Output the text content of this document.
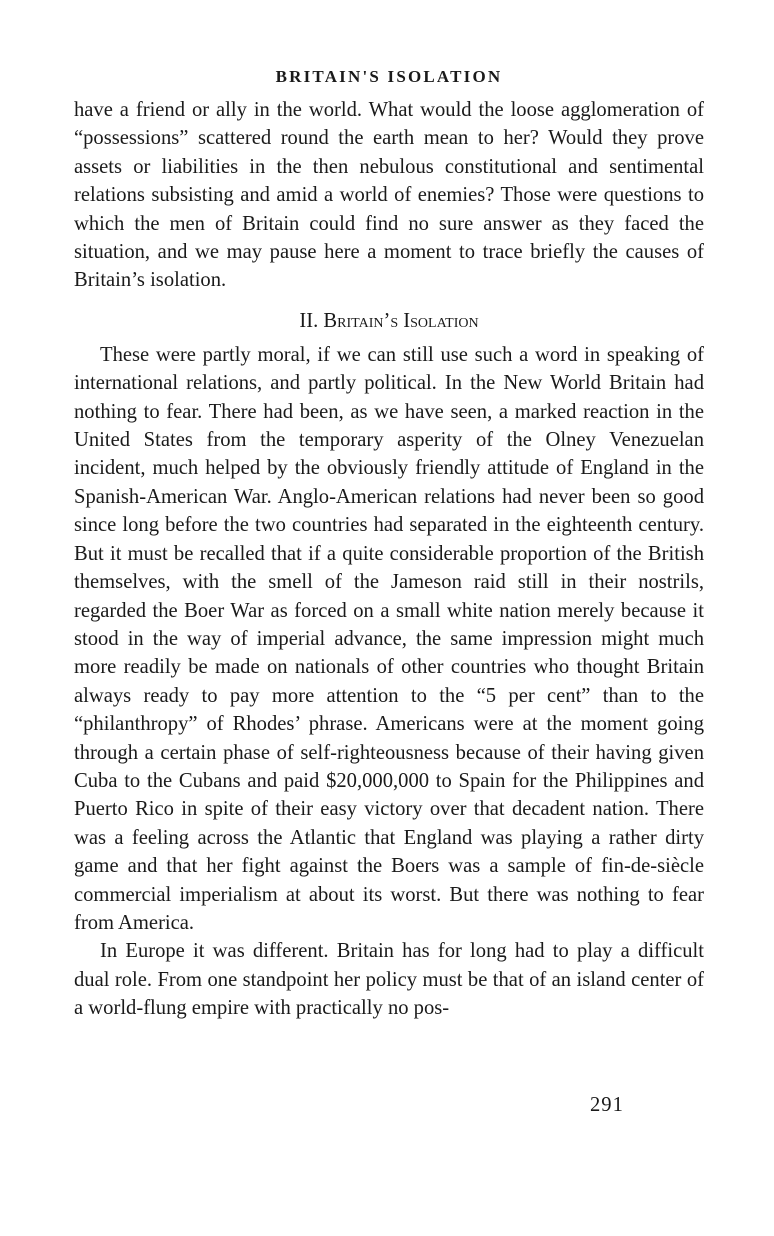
BRITAIN'S ISOLATION

have a friend or ally in the world. What would the loose agglomeration of “possessions” scattered round the earth mean to her? Would they prove assets or liabilities in the then nebulous constitutional and sentimental relations subsisting and amid a world of enemies? Those were questions to which the men of Britain could find no sure answer as they faced the situation, and we may pause here a moment to trace briefly the causes of Britain’s isolation.

II. Britain’s Isolation

These were partly moral, if we can still use such a word in speaking of international relations, and partly political. In the New World Britain had nothing to fear. There had been, as we have seen, a marked reaction in the United States from the temporary asperity of the Olney Venezuelan incident, much helped by the obviously friendly attitude of England in the Spanish-American War. Anglo-American relations had never been so good since long before the two countries had separated in the eighteenth century. But it must be recalled that if a quite considerable proportion of the British themselves, with the smell of the Jameson raid still in their nostrils, regarded the Boer War as forced on a small white nation merely because it stood in the way of imperial advance, the same impression might much more readily be made on nationals of other countries who thought Britain always ready to pay more attention to the “5 per cent” than to the “philanthropy” of Rhodes’ phrase. Americans were at the moment going through a certain phase of self-righteousness because of their having given Cuba to the Cubans and paid $20,000,000 to Spain for the Philippines and Puerto Rico in spite of their easy victory over that decadent nation. There was a feeling across the Atlantic that England was playing a rather dirty game and that her fight against the Boers was a sample of fin-de-siècle commercial imperialism at about its worst. But there was nothing to fear from America.

In Europe it was different. Britain has for long had to play a difficult dual role. From one standpoint her policy must be that of an island center of a world-flung empire with practically no pos-

291
